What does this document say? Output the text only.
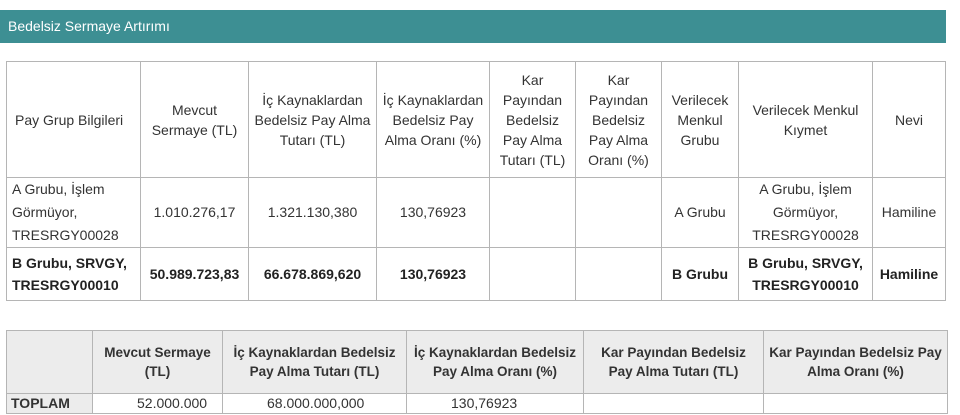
Bedelsiz Sermaye Artırımı
Pay Grup Bilgileri	Mevcut Sermaye (TL)	İç Kaynaklardan Bedelsiz Pay Alma Tutarı (TL)	İç Kaynaklardan Bedelsiz Pay Alma Oranı (%)	Kar Payından Bedelsiz Pay Alma Tutarı (TL)	Kar Payından Bedelsiz Pay Alma Oranı (%)	Verilecek Menkul Grubu	Verilecek Menkul Kıymet	Nevi
A Grubu, İşlem Görmüyor, TRESRGY00028	1.010.276,17	1.321.130,380	130,76923			A Grubu	A Grubu, İşlem Görmüyor, TRESRGY00028	Hamiline
B Grubu, SRVGY, TRESRGY00010	50.989.723,83	66.678.869,620	130,76923			B Grubu	B Grubu, SRVGY, TRESRGY00010	Hamiline
	Mevcut Sermaye (TL)	İç Kaynaklardan Bedelsiz Pay Alma Tutarı (TL)	İç Kaynaklardan Bedelsiz Pay Alma Oranı (%)	Kar Payından Bedelsiz Pay Alma Tutarı (TL)	Kar Payından Bedelsiz Pay Alma Oranı (%)
TOPLAM	52.000.000	68.000.000,000	130,76923		
